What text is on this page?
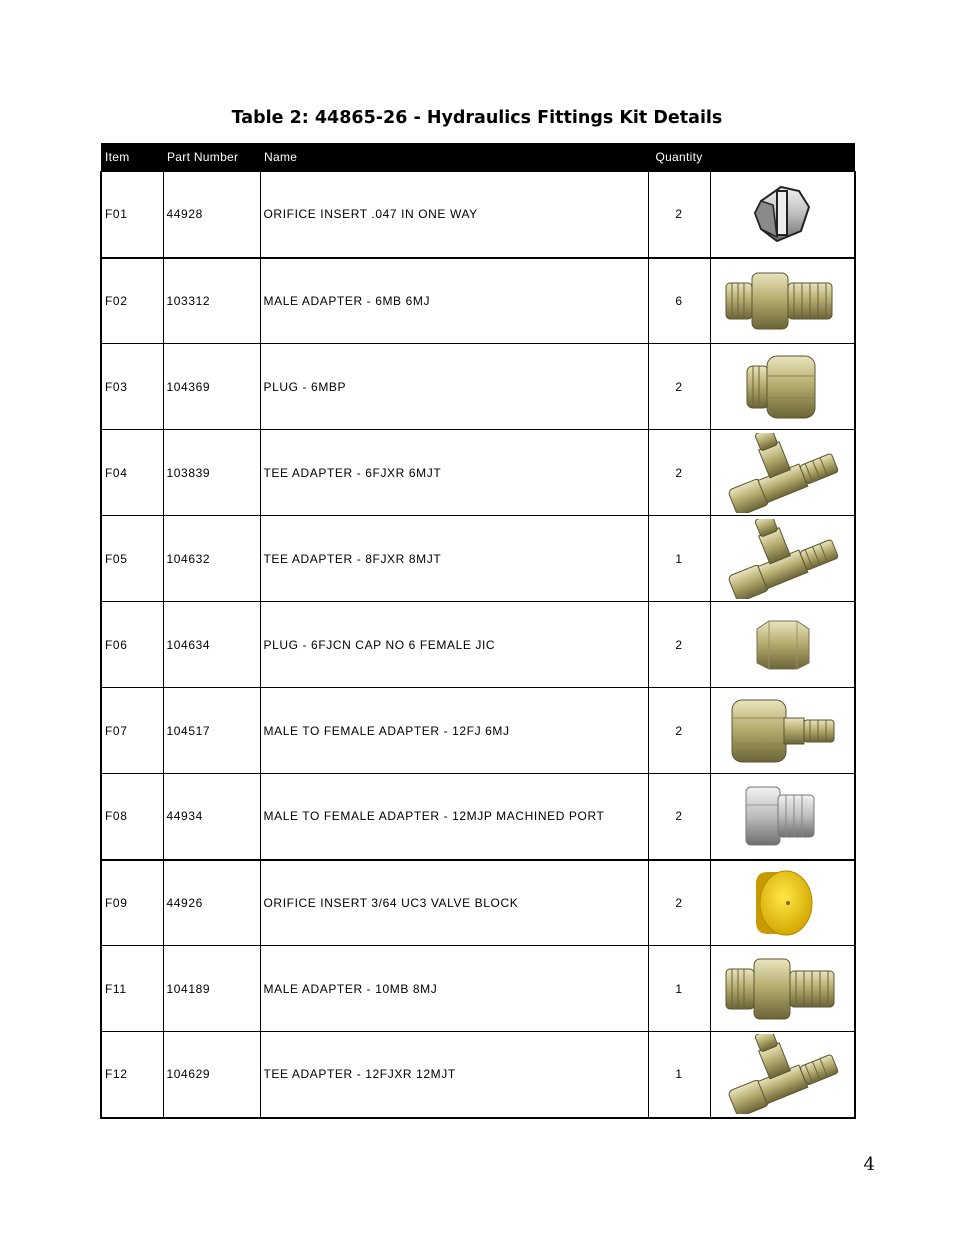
Table 2: 44865-26 - Hydraulics Fittings Kit Details
Item	Part Number	Name	Quantity	
F01	44928	ORIFICE INSERT .047 IN ONE WAY	2	

F02	103312	MALE ADAPTER - 6MB 6MJ	6	

F03	104369	PLUG - 6MBP	2	

F04	103839	TEE ADAPTER - 6FJXR 6MJT	2	

F05	104632	TEE ADAPTER - 8FJXR 8MJT	1	

F06	104634	PLUG - 6FJCN CAP NO 6 FEMALE JIC	2	

F07	104517	MALE TO FEMALE ADAPTER - 12FJ 6MJ	2	

F08	44934	MALE TO FEMALE ADAPTER - 12MJP MACHINED PORT	2	

F09	44926	ORIFICE INSERT 3/64 UC3 VALVE BLOCK	2	

F11	104189	MALE ADAPTER - 10MB 8MJ	1	

F12	104629	TEE ADAPTER - 12FJXR 12MJT	1	
4
